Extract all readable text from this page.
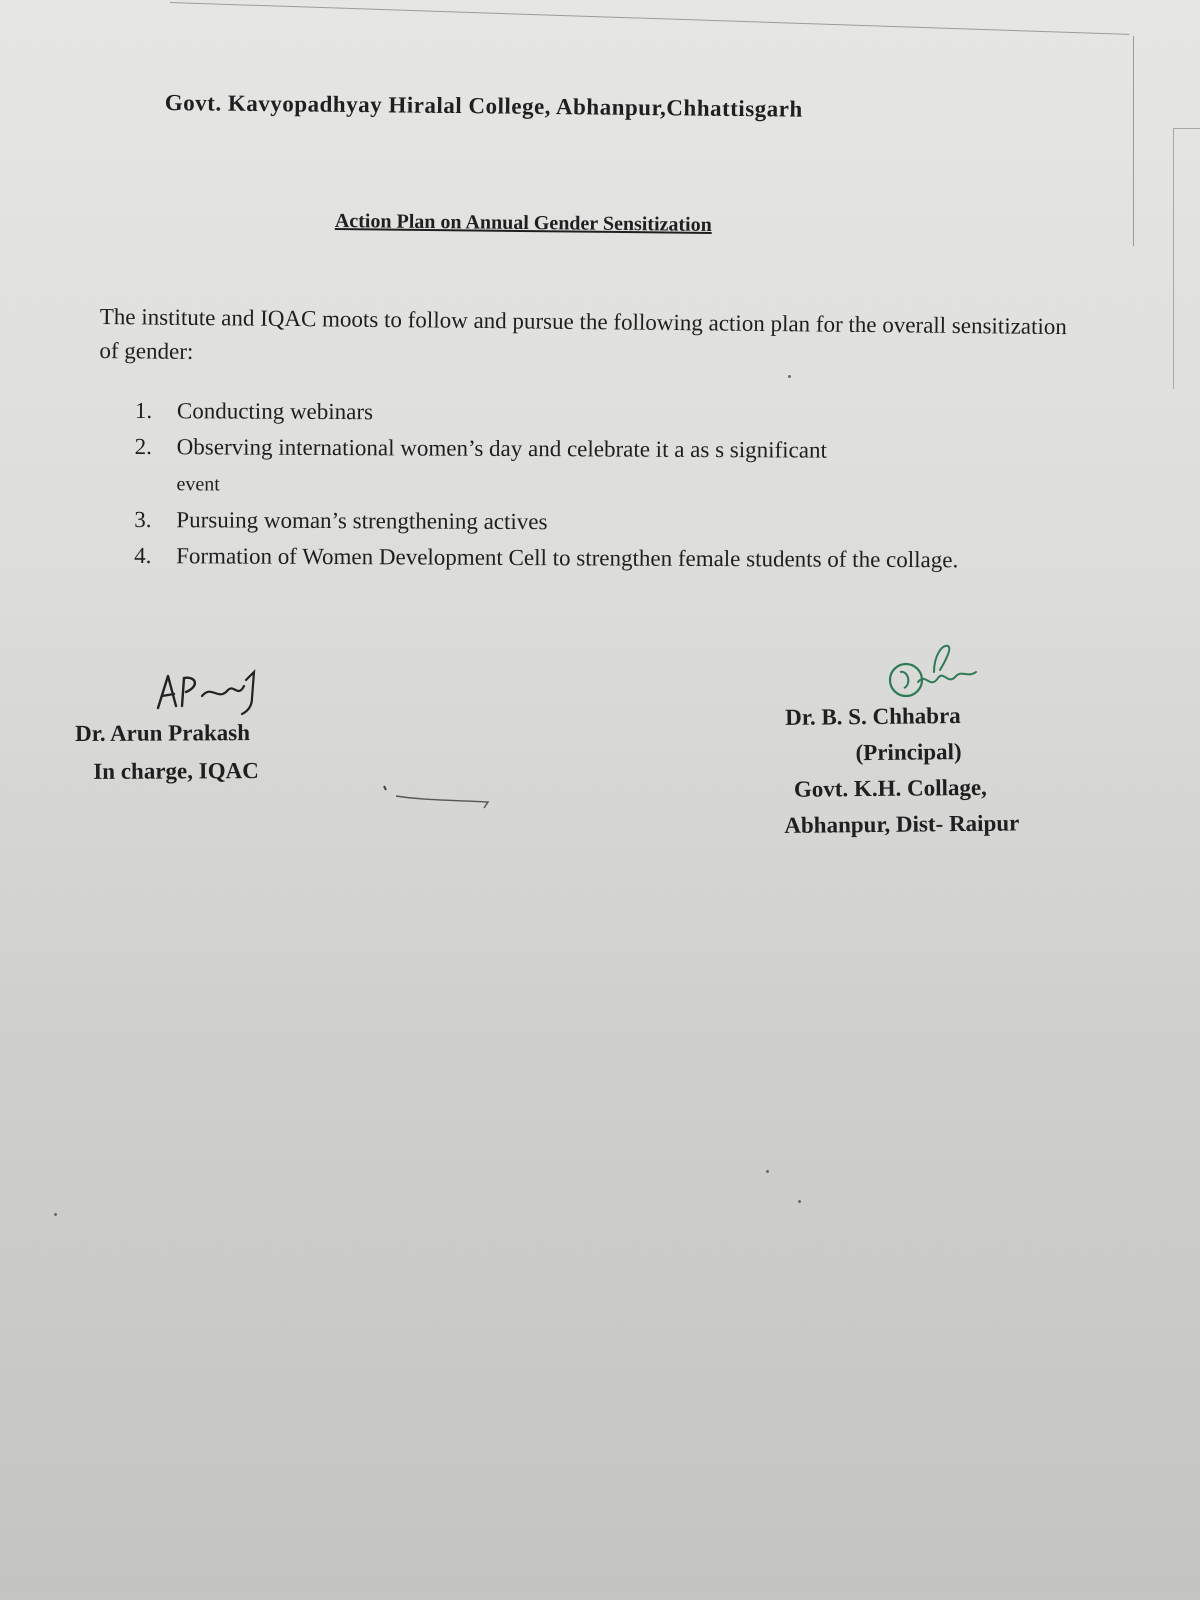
Govt. Kavyopadhyay Hiralal College, Abhanpur,Chhattisgarh
Action Plan on Annual Gender Sensitization

The institute and IQAC moots to follow and pursue the following action plan for the overall sensitization of gender:

1.	Conducting webinars
2.	Observing international women’s day and celebrate it a as s significant
event
3.	Pursuing woman’s strengthening actives
4.	Formation of Women Development Cell to strengthen female students of the collage.
Dr. Arun Prakash
In charge, IQAC
Dr. B. S. Chhabra
(Principal)
Govt. K.H. Collage,
Abhanpur, Dist- Raipur
